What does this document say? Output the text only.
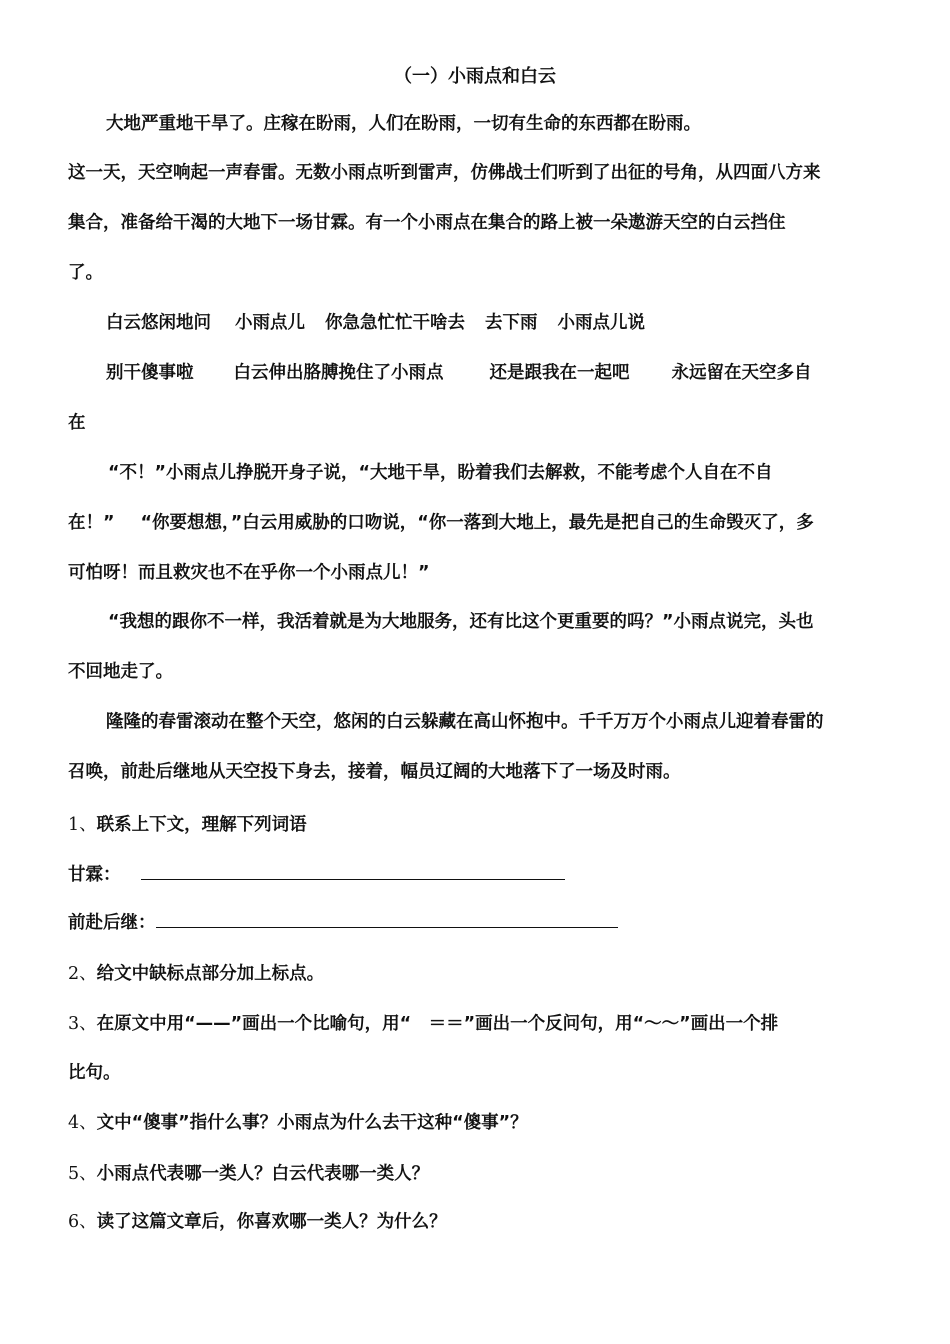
（一）小雨点和白云
大地严重地干旱了。庄稼在盼雨，人们在盼雨，一切有生命的东西都在盼雨。
这一天，天空响起一声春雷。无数小雨点听到雷声，仿佛战士们听到了出征的号角，从四面八方来
集合，准备给干渴的大地下一场甘霖。有一个小雨点在集合的路上被一朵遨游天空的白云挡住
了。
白云悠闲地问 小雨点儿 你急急忙忙干啥去 去下雨 小雨点儿说
别干傻事啦 白云伸出胳膊挽住了小雨点	还是跟我在一起吧 永远留在天空多自
在
“不！”小雨点儿挣脱开身子说，“大地干旱，盼着我们去解救，不能考虑个人自在不自
在！” “你要想想，”白云用威胁的口吻说，“你一落到大地上，最先是把自己的生命毁灭了，多
可怕呀！而且救灾也不在乎你一个小雨点儿！”
“我想的跟你不一样，我活着就是为大地服务，还有比这个更重要的吗？”小雨点说完，头也
不回地走了。
隆隆的春雷滚动在整个天空，悠闲的白云躲藏在高山怀抱中。千千万万个小雨点儿迎着春雷的
召唤，前赴后继地从天空投下身去，接着，幅员辽阔的大地落下了一场及时雨。
1、联系上下文，理解下列词语
甘霖：
前赴后继：
2、给文中缺标点部分加上标点。
3、在原文中用“——”画出一个比喻句，用“　＝＝”画出一个反问句，用“～～”画出一个排
比句。
4、文中“傻事”指什么事？小雨点为什么去干这种“傻事”？
5、小雨点代表哪一类人？白云代表哪一类人？
6、读了这篇文章后，你喜欢哪一类人？为什么？
